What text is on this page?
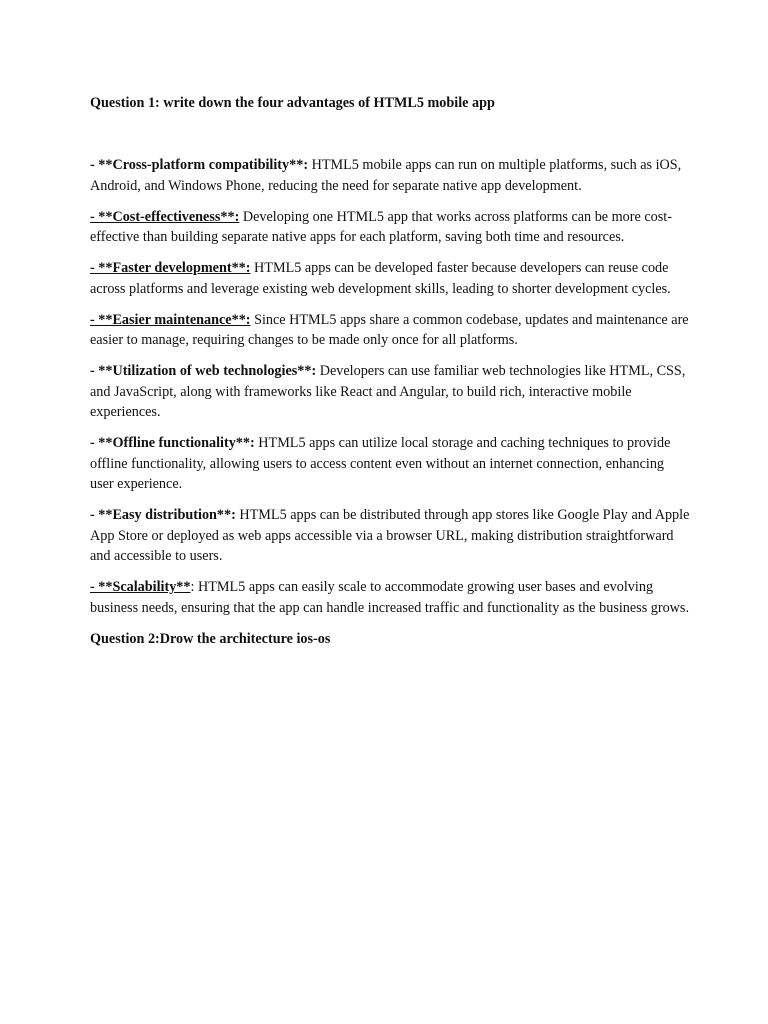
Question 1: write down the four advantages of HTML5 mobile app

- **Cross-platform compatibility**: HTML5 mobile apps can run on multiple platforms, such as iOS, Android, and Windows Phone, reducing the need for separate native app development.

- **Cost-effectiveness**: Developing one HTML5 app that works across platforms can be more cost-effective than building separate native apps for each platform, saving both time and resources.

- **Faster development**: HTML5 apps can be developed faster because developers can reuse code across platforms and leverage existing web development skills, leading to shorter development cycles.

- **Easier maintenance**: Since HTML5 apps share a common codebase, updates and maintenance are easier to manage, requiring changes to be made only once for all platforms.

- **Utilization of web technologies**: Developers can use familiar web technologies like HTML, CSS, and JavaScript, along with frameworks like React and Angular, to build rich, interactive mobile experiences.

- **Offline functionality**: HTML5 apps can utilize local storage and caching techniques to provide offline functionality, allowing users to access content even without an internet connection, enhancing user experience.

- **Easy distribution**: HTML5 apps can be distributed through app stores like Google Play and Apple App Store or deployed as web apps accessible via a browser URL, making distribution straightforward and accessible to users.

- **Scalability**: HTML5 apps can easily scale to accommodate growing user bases and evolving business needs, ensuring that the app can handle increased traffic and functionality as the business grows.

Question 2:Drow the architecture ios-os
